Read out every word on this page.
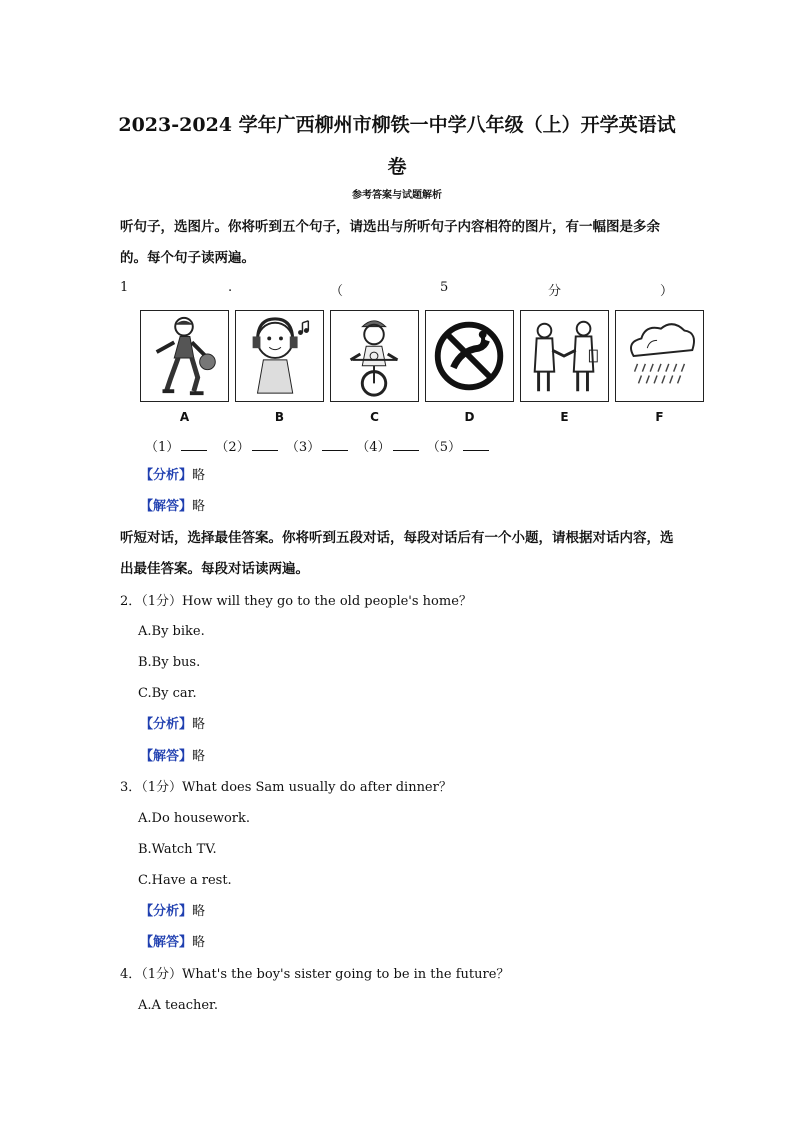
2023-2024 学年广西柳州市柳铁一中学八年级（上）开学英语试
卷
参考答案与试题解析
听句子，选图片。你将听到五个句子，请选出与所听句子内容相符的图片，有一幅图是多余的。每个句子读两遍。
1	.	（	5	分	）
A	B	C	D	E	F
（1）	（2）	（3）	（4）	（5）
【分析】略
【解答】略
听短对话，选择最佳答案。你将听到五段对话，每段对话后有一个小题，请根据对话内容，选出最佳答案。每段对话读两遍。
2．（1分）How will they go to the old people's home？
A.By bike.
B.By bus.
C.By car.
【分析】略
【解答】略
3．（1分）What does Sam usually do after dinner？
A.Do housework.
B.Watch TV.
C.Have a rest.
【分析】略
【解答】略
4．（1分）What's the boy's sister going to be in the future？
A.A teacher.
